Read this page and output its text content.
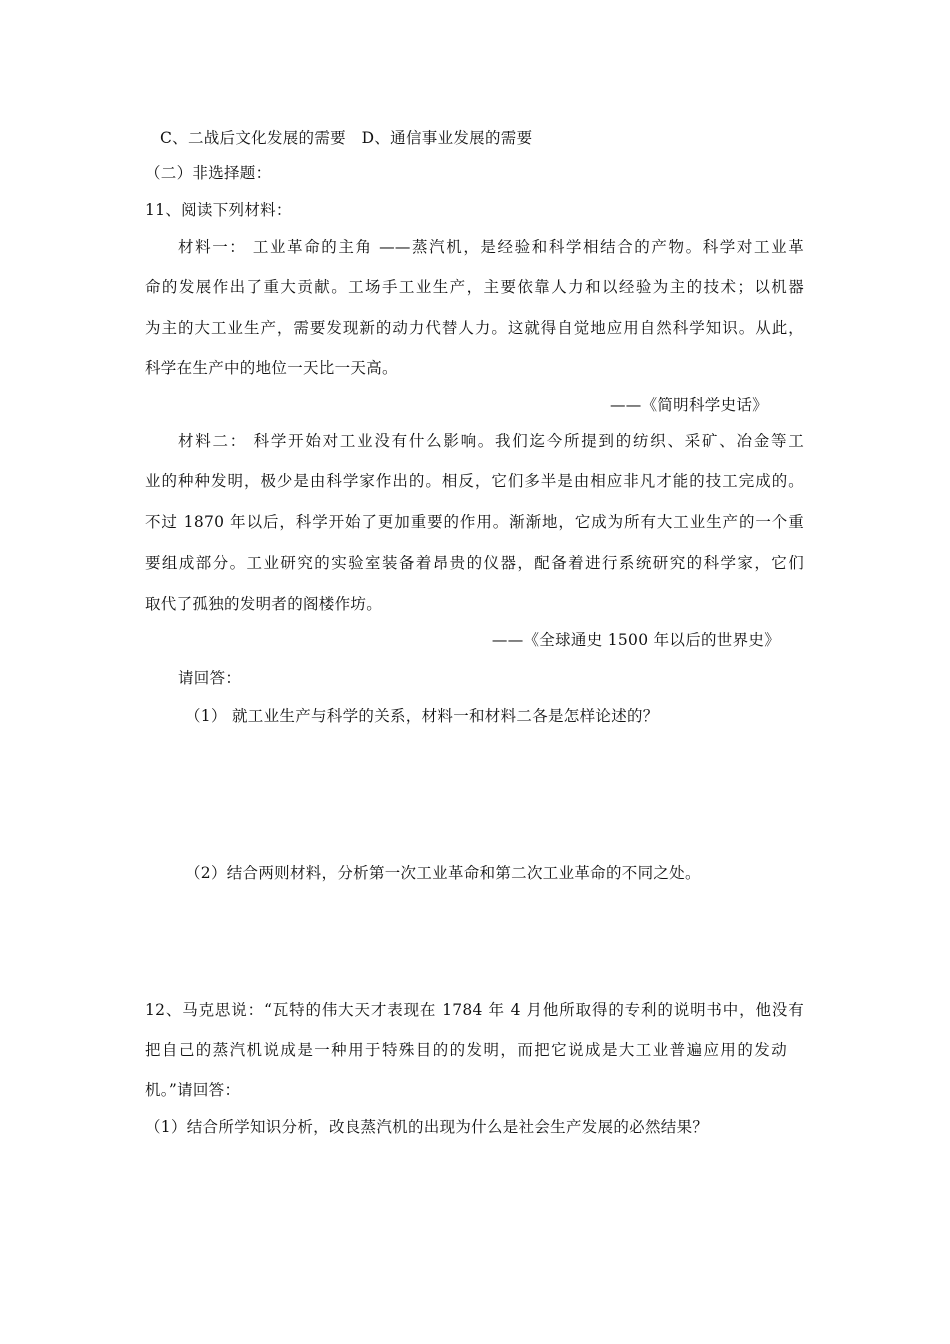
C、二战后文化发展的需要 D、通信事业发展的需要
（二）非选择题：
11、阅读下列材料：
材料一： 工业革命的主角 ——蒸汽机，是经验和科学相结合的产物。科学对工业革
命的发展作出了重大贡献。工场手工业生产，主要依靠人力和以经验为主的技术；以机器
为主的大工业生产，需要发现新的动力代替人力。这就得自觉地应用自然科学知识。从此，
科学在生产中的地位一天比一天高。
——《简明科学史话》
材料二： 科学开始对工业没有什么影响。我们迄今所提到的纺织、采矿、冶金等工
业的种种发明，极少是由科学家作出的。相反，它们多半是由相应非凡才能的技工完成的。
不过 1870 年以后，科学开始了更加重要的作用。渐渐地，它成为所有大工业生产的一个重
要组成部分。工业研究的实验室装备着昂贵的仪器，配备着进行系统研究的科学家，它们
取代了孤独的发明者的阁楼作坊。
——《全球通史 1500 年以后的世界史》
请回答：
（1） 就工业生产与科学的关系，材料一和材料二各是怎样论述的？
（2）结合两则材料，分析第一次工业革命和第二次工业革命的不同之处。
12、马克思说：“瓦特的伟大天才表现在 1784 年 4 月他所取得的专利的说明书中，他没有
把自己的蒸汽机说成是一种用于特殊目的的发明，而把它说成是大工业普遍应用的发动
机。”请回答：
（1）结合所学知识分析，改良蒸汽机的出现为什么是社会生产发展的必然结果？
